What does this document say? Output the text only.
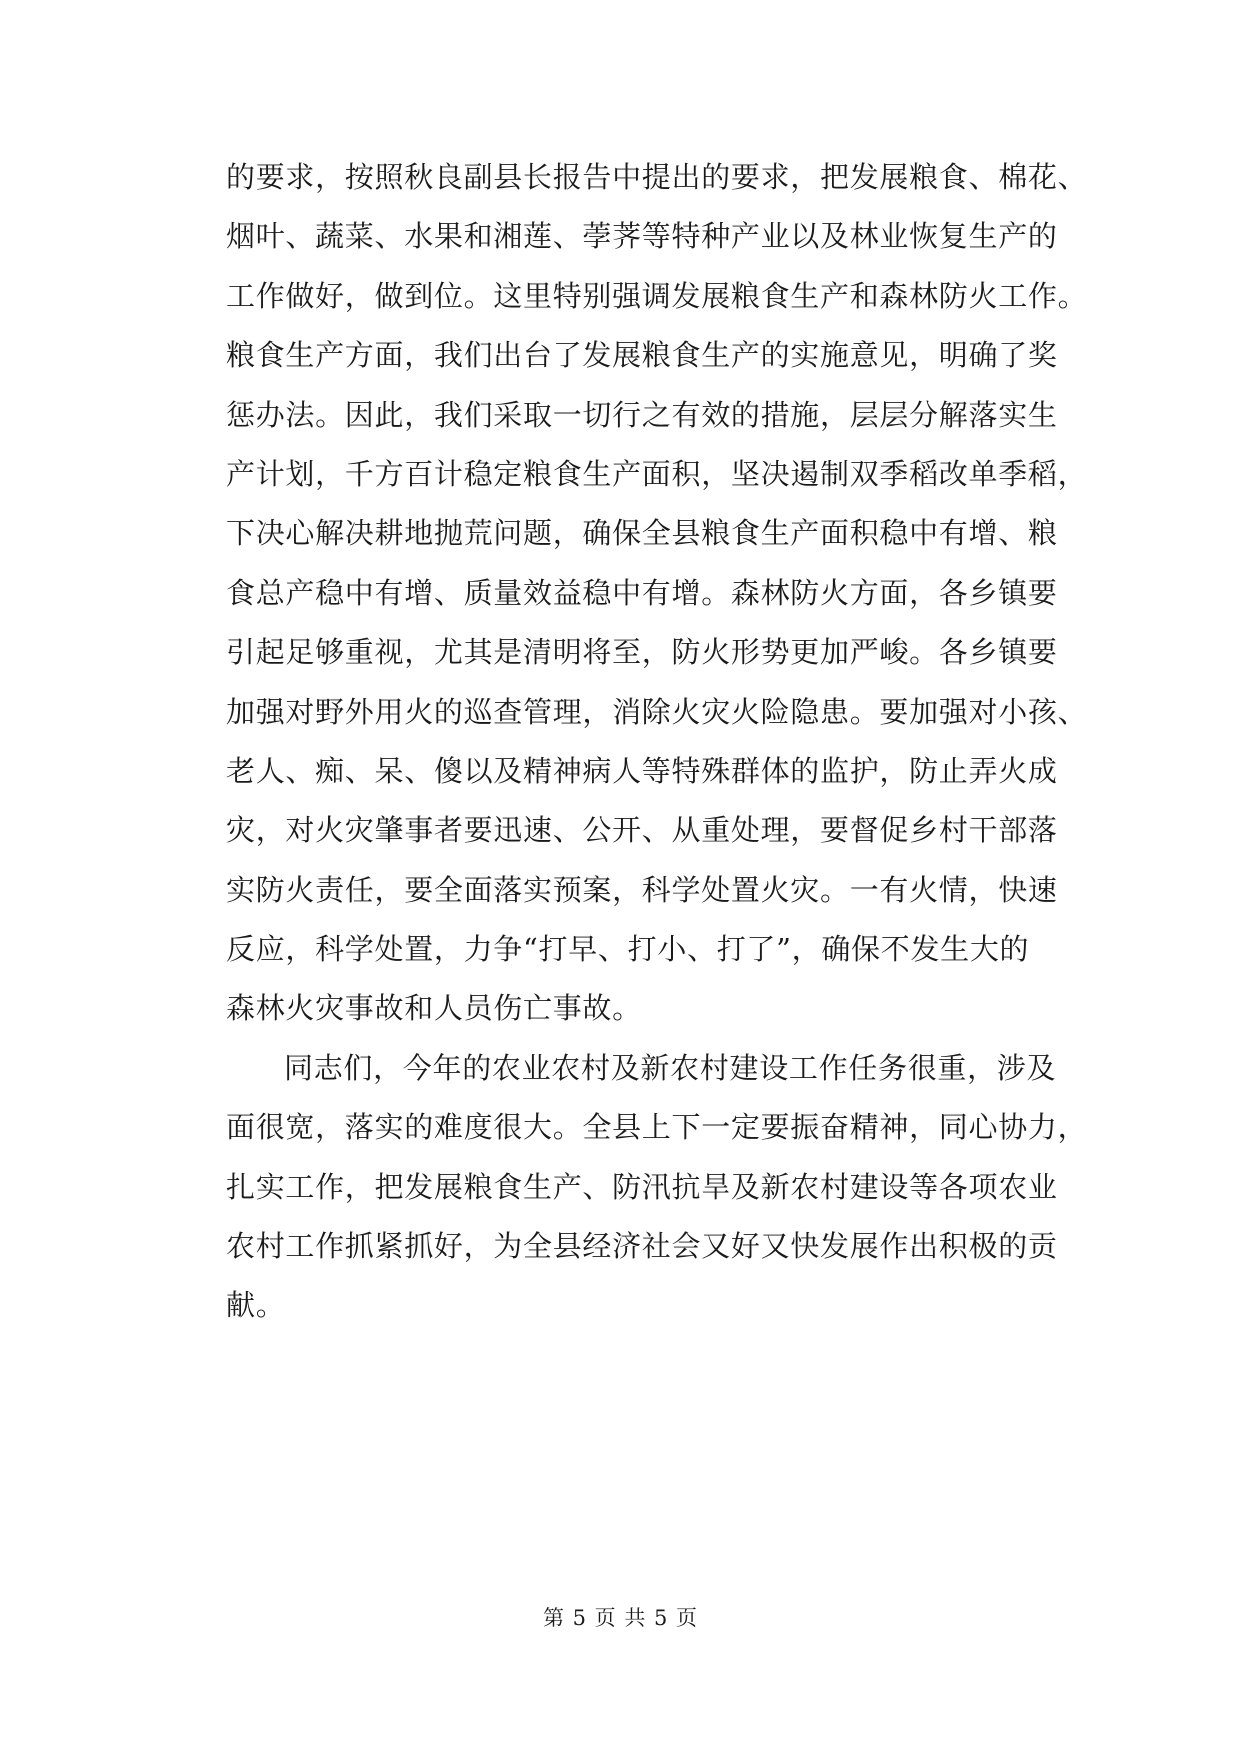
的要求，按照秋良副县长报告中提出的要求，把发展粮食、棉花、
烟叶、蔬菜、水果和湘莲、荸荠等特种产业以及林业恢复生产的
工作做好，做到位。这里特别强调发展粮食生产和森林防火工作。
粮食生产方面，我们出台了发展粮食生产的实施意见，明确了奖
惩办法。因此，我们采取一切行之有效的措施，层层分解落实生
产计划，千方百计稳定粮食生产面积，坚决遏制双季稻改单季稻，
下决心解决耕地抛荒问题，确保全县粮食生产面积稳中有增、粮
食总产稳中有增、质量效益稳中有增。森林防火方面，各乡镇要
引起足够重视，尤其是清明将至，防火形势更加严峻。各乡镇要
加强对野外用火的巡查管理，消除火灾火险隐患。要加强对小孩、
老人、痴、呆、傻以及精神病人等特殊群体的监护，防止弄火成
灾，对火灾肇事者要迅速、公开、从重处理，要督促乡村干部落
实防火责任，要全面落实预案，科学处置火灾。一有火情，快速
反应，科学处置，力争“打早、打小、打了”，确保不发生大的
森林火灾事故和人员伤亡事故。
同志们，今年的农业农村及新农村建设工作任务很重，涉及
面很宽，落实的难度很大。全县上下一定要振奋精神，同心协力，
扎实工作，把发展粮食生产、防汛抗旱及新农村建设等各项农业
农村工作抓紧抓好，为全县经济社会又好又快发展作出积极的贡
献。
第 5 页 共 5 页
